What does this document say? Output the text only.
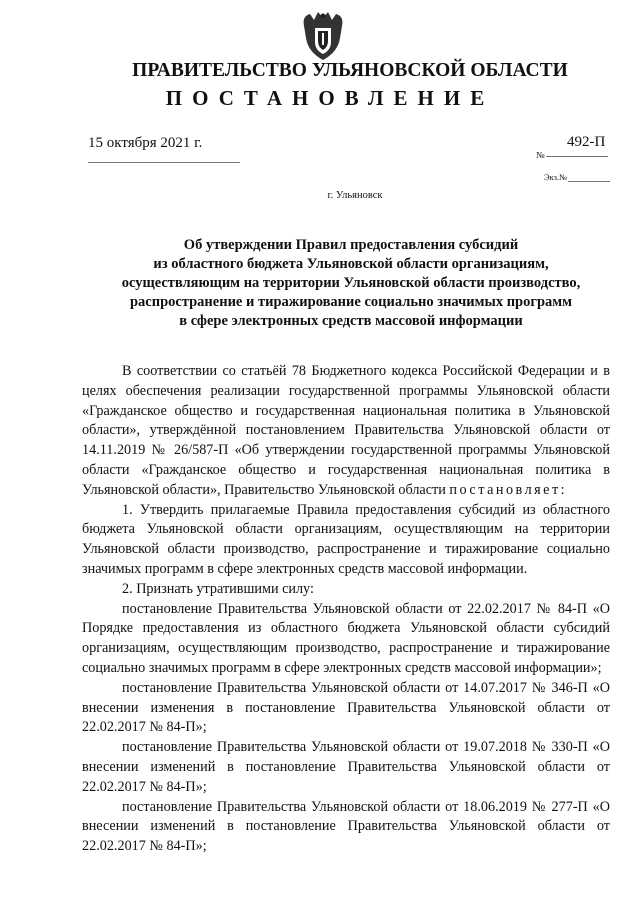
ПРАВИТЕЛЬСТВО УЛЬЯНОВСКОЙ ОБЛАСТИ
ПОСТАНОВЛЕНИЕ
15 октября 2021 г.
№
492-П
Экз.№
г. Ульяновск
Об утверждении Правил предоставления субсидий
из областного бюджета Ульяновской области организациям,
осуществляющим на территории Ульяновской области производство,
распространение и тиражирование социально значимых программ
в сфере электронных средств массовой информации
В соответствии со статьёй 78 Бюджетного кодекса Российской Федерации и в целях обеспечения реализации государственной программы Ульяновской области «Гражданское общество и государственная национальная политика в Ульяновской области», утверждённой постановлением Правительства Ульяновской области от 14.11.2019 № 26/587-П «Об утверждении государственной программы Ульяновской области «Гражданское общество и государственная национальная политика в Ульяновской области», Правительство Ульяновской области постановляет:
1. Утвердить прилагаемые Правила предоставления субсидий из областного бюджета Ульяновской области организациям, осуществляющим на территории Ульяновской области производство, распространение и тиражирование социально значимых программ в сфере электронных средств массовой информации.
2. Признать утратившими силу:
постановление Правительства Ульяновской области от 22.02.2017 № 84-П «О Порядке предоставления из областного бюджета Ульяновской области субсидий организациям, осуществляющим производство, распространение и тиражирование социально значимых программ в сфере электронных средств массовой информации»;
постановление Правительства Ульяновской области от 14.07.2017 № 346-П «О внесении изменения в постановление Правительства Ульяновской области от 22.02.2017 № 84-П»;
постановление Правительства Ульяновской области от 19.07.2018 № 330-П «О внесении изменений в постановление Правительства Ульяновской области от 22.02.2017 № 84-П»;
постановление Правительства Ульяновской области от 18.06.2019 № 277-П «О внесении изменений в постановление Правительства Ульяновской области от 22.02.2017 № 84-П»;
